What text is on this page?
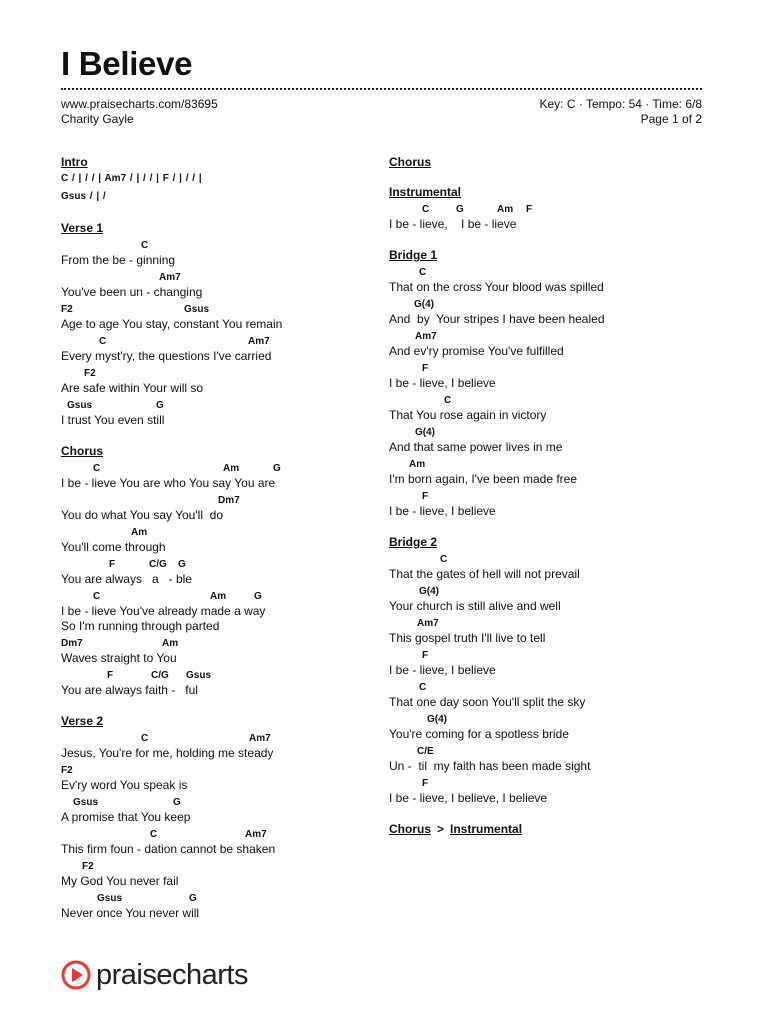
I Believe
www.praisecharts.com/83695
Charity Gayle
Key: C · Tempo: 54 · Time: 6/8
Page 1 of 2
Intro
C / | / / | Am7 / | / / | F / | / / |
Gsus / | /
Verse 1
C
From the be - ginning
Am7
You've been un - changing
F2	Gsus
Age to age You stay, constant You remain
C	Am7
Every myst'ry, the questions I've carried
F2
Are safe within Your will so
Gsus	G
I trust You even still
Chorus
C	Am	G
I be - lieve You are who You say You are
Dm7
You do what You say You'll  do
Am
You'll come through
F	C/G G
You are always   a   - ble
C	Am	G
I be - lieve You've already made a way
So I'm running through parted
Dm7	Am
Waves straight to You
F	C/G Gsus
You are always faith -   ful
Verse 2
C	Am7
Jesus, You're for me, holding me steady
F2
Ev'ry word You speak is
Gsus	G
A promise that You keep
C	Am7
This firm foun - dation cannot be shaken
F2
My God You never fail
Gsus	G
Never once You never will
Chorus
Instrumental
C	G	Am F
I be - lieve,    I be - lieve
Bridge 1
C
That on the cross Your blood was spilled
G(4)
And  by  Your stripes I have been healed
Am7
And ev'ry promise You've fulfilled
F
I be - lieve, I believe
C
That You rose again in victory
G(4)
And that same power lives in me
Am
I'm born again, I've been made free
F
I be - lieve, I believe
Bridge 2
C
That the gates of hell will not prevail
G(4)
Your church is still alive and well
Am7
This gospel truth I'll live to tell
F
I be - lieve, I believe
C
That one day soon You'll split the sky
G(4)
You're coming for a spotless bride
C/E
Un -  til  my faith has been made sight
F
I be - lieve, I believe, I believe
Chorus > Instrumental
praisecharts
